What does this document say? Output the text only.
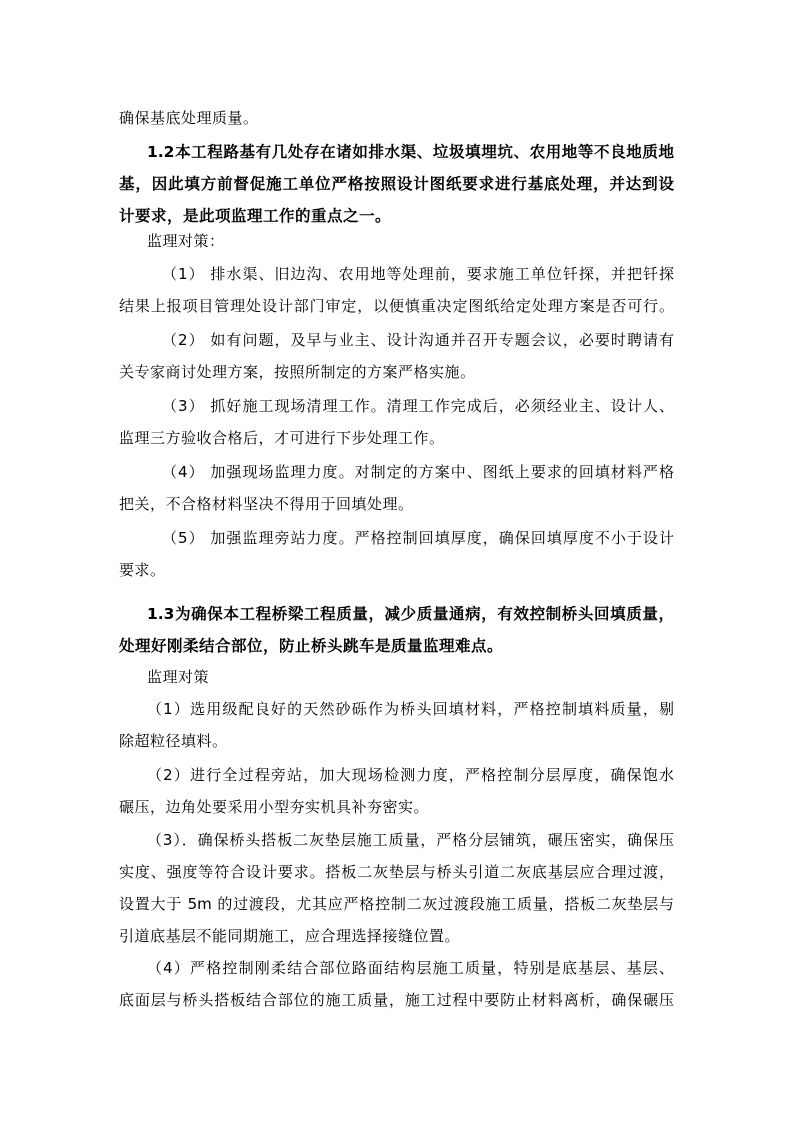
确保基底处理质量。
1.2本工程路基有几处存在诸如排水渠、垃圾填埋坑、农用地等不良地质地
基，因此填方前督促施工单位严格按照设计图纸要求进行基底处理，并达到设
计要求，是此项监理工作的重点之一。
监理对策：
（1） 排水渠、旧边沟、农用地等处理前，要求施工单位钎探，并把钎探
结果上报项目管理处设计部门审定，以便慎重决定图纸给定处理方案是否可行。
（2） 如有问题，及早与业主、设计沟通并召开专题会议，必要时聘请有
关专家商讨处理方案，按照所制定的方案严格实施。
（3） 抓好施工现场清理工作。清理工作完成后，必须经业主、设计人、
监理三方验收合格后，才可进行下步处理工作。
（4） 加强现场监理力度。对制定的方案中、图纸上要求的回填材料严格
把关，不合格材料坚决不得用于回填处理。
（5） 加强监理旁站力度。严格控制回填厚度，确保回填厚度不小于设计
要求。
1.3为确保本工程桥梁工程质量，减少质量通病，有效控制桥头回填质量，
处理好刚柔结合部位，防止桥头跳车是质量监理难点。
监理对策
（1）选用级配良好的天然砂砾作为桥头回填材料，严格控制填料质量，剔
除超粒径填料。
（2）进行全过程旁站，加大现场检测力度，严格控制分层厚度，确保饱水
碾压，边角处要采用小型夯实机具补夯密实。
（3）．确保桥头搭板二灰垫层施工质量，严格分层铺筑，碾压密实，确保压
实度、强度等符合设计要求。搭板二灰垫层与桥头引道二灰底基层应合理过渡，
设置大于 5m 的过渡段，尤其应严格控制二灰过渡段施工质量，搭板二灰垫层与
引道底基层不能同期施工，应合理选择接缝位置。
（4）严格控制刚柔结合部位路面结构层施工质量，特别是底基层、基层、
底面层与桥头搭板结合部位的施工质量，施工过程中要防止材料离析，确保碾压
